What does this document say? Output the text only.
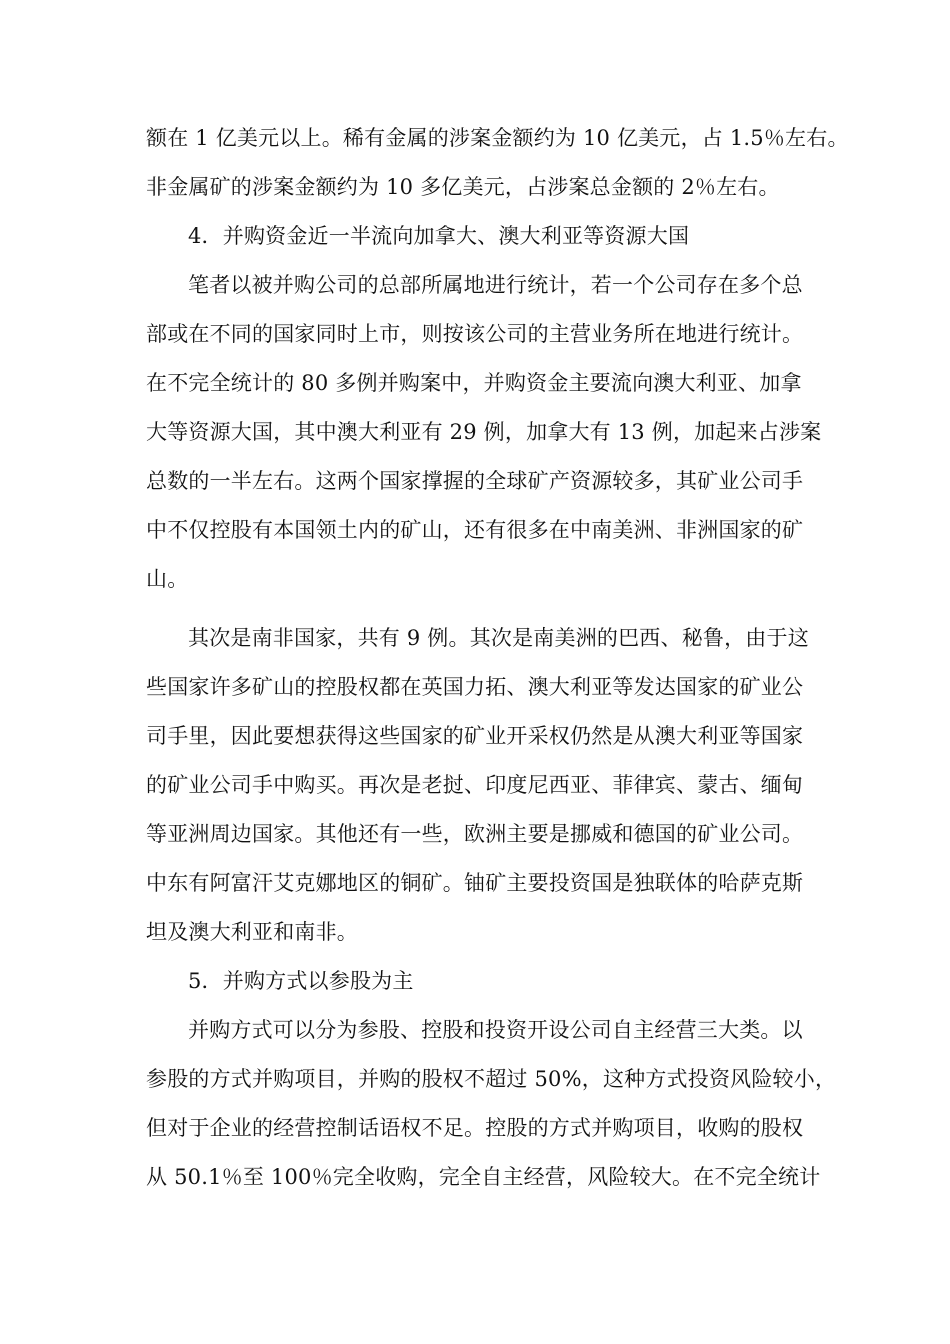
额在 1 亿美元以上。稀有金属的涉案金额约为 10 亿美元，占 1.5％左右。
非金属矿的涉案金额约为 10 多亿美元，占涉案总金额的 2％左右。
4．并购资金近一半流向加拿大、澳大利亚等资源大国
笔者以被并购公司的总部所属地进行统计，若一个公司存在多个总
部或在不同的国家同时上市，则按该公司的主营业务所在地进行统计。
在不完全统计的 80 多例并购案中，并购资金主要流向澳大利亚、加拿
大等资源大国，其中澳大利亚有 29 例，加拿大有 13 例，加起来占涉案
总数的一半左右。这两个国家撑握的全球矿产资源较多，其矿业公司手
中不仅控股有本国领土内的矿山，还有很多在中南美洲、非洲国家的矿
山。
其次是南非国家，共有 9 例。其次是南美洲的巴西、秘鲁，由于这
些国家许多矿山的控股权都在英国力拓、澳大利亚等发达国家的矿业公
司手里，因此要想获得这些国家的矿业开采权仍然是从澳大利亚等国家
的矿业公司手中购买。再次是老挝、印度尼西亚、菲律宾、蒙古、缅甸
等亚洲周边国家。其他还有一些，欧洲主要是挪威和德国的矿业公司。
中东有阿富汗艾克娜地区的铜矿。铀矿主要投资国是独联体的哈萨克斯
坦及澳大利亚和南非。
5．并购方式以参股为主
并购方式可以分为参股、控股和投资开设公司自主经营三大类。以
参股的方式并购项目，并购的股权不超过 50%，这种方式投资风险较小，
但对于企业的经营控制话语权不足。控股的方式并购项目，收购的股权
从 50.1％至 100％完全收购，完全自主经营，风险较大。在不完全统计
